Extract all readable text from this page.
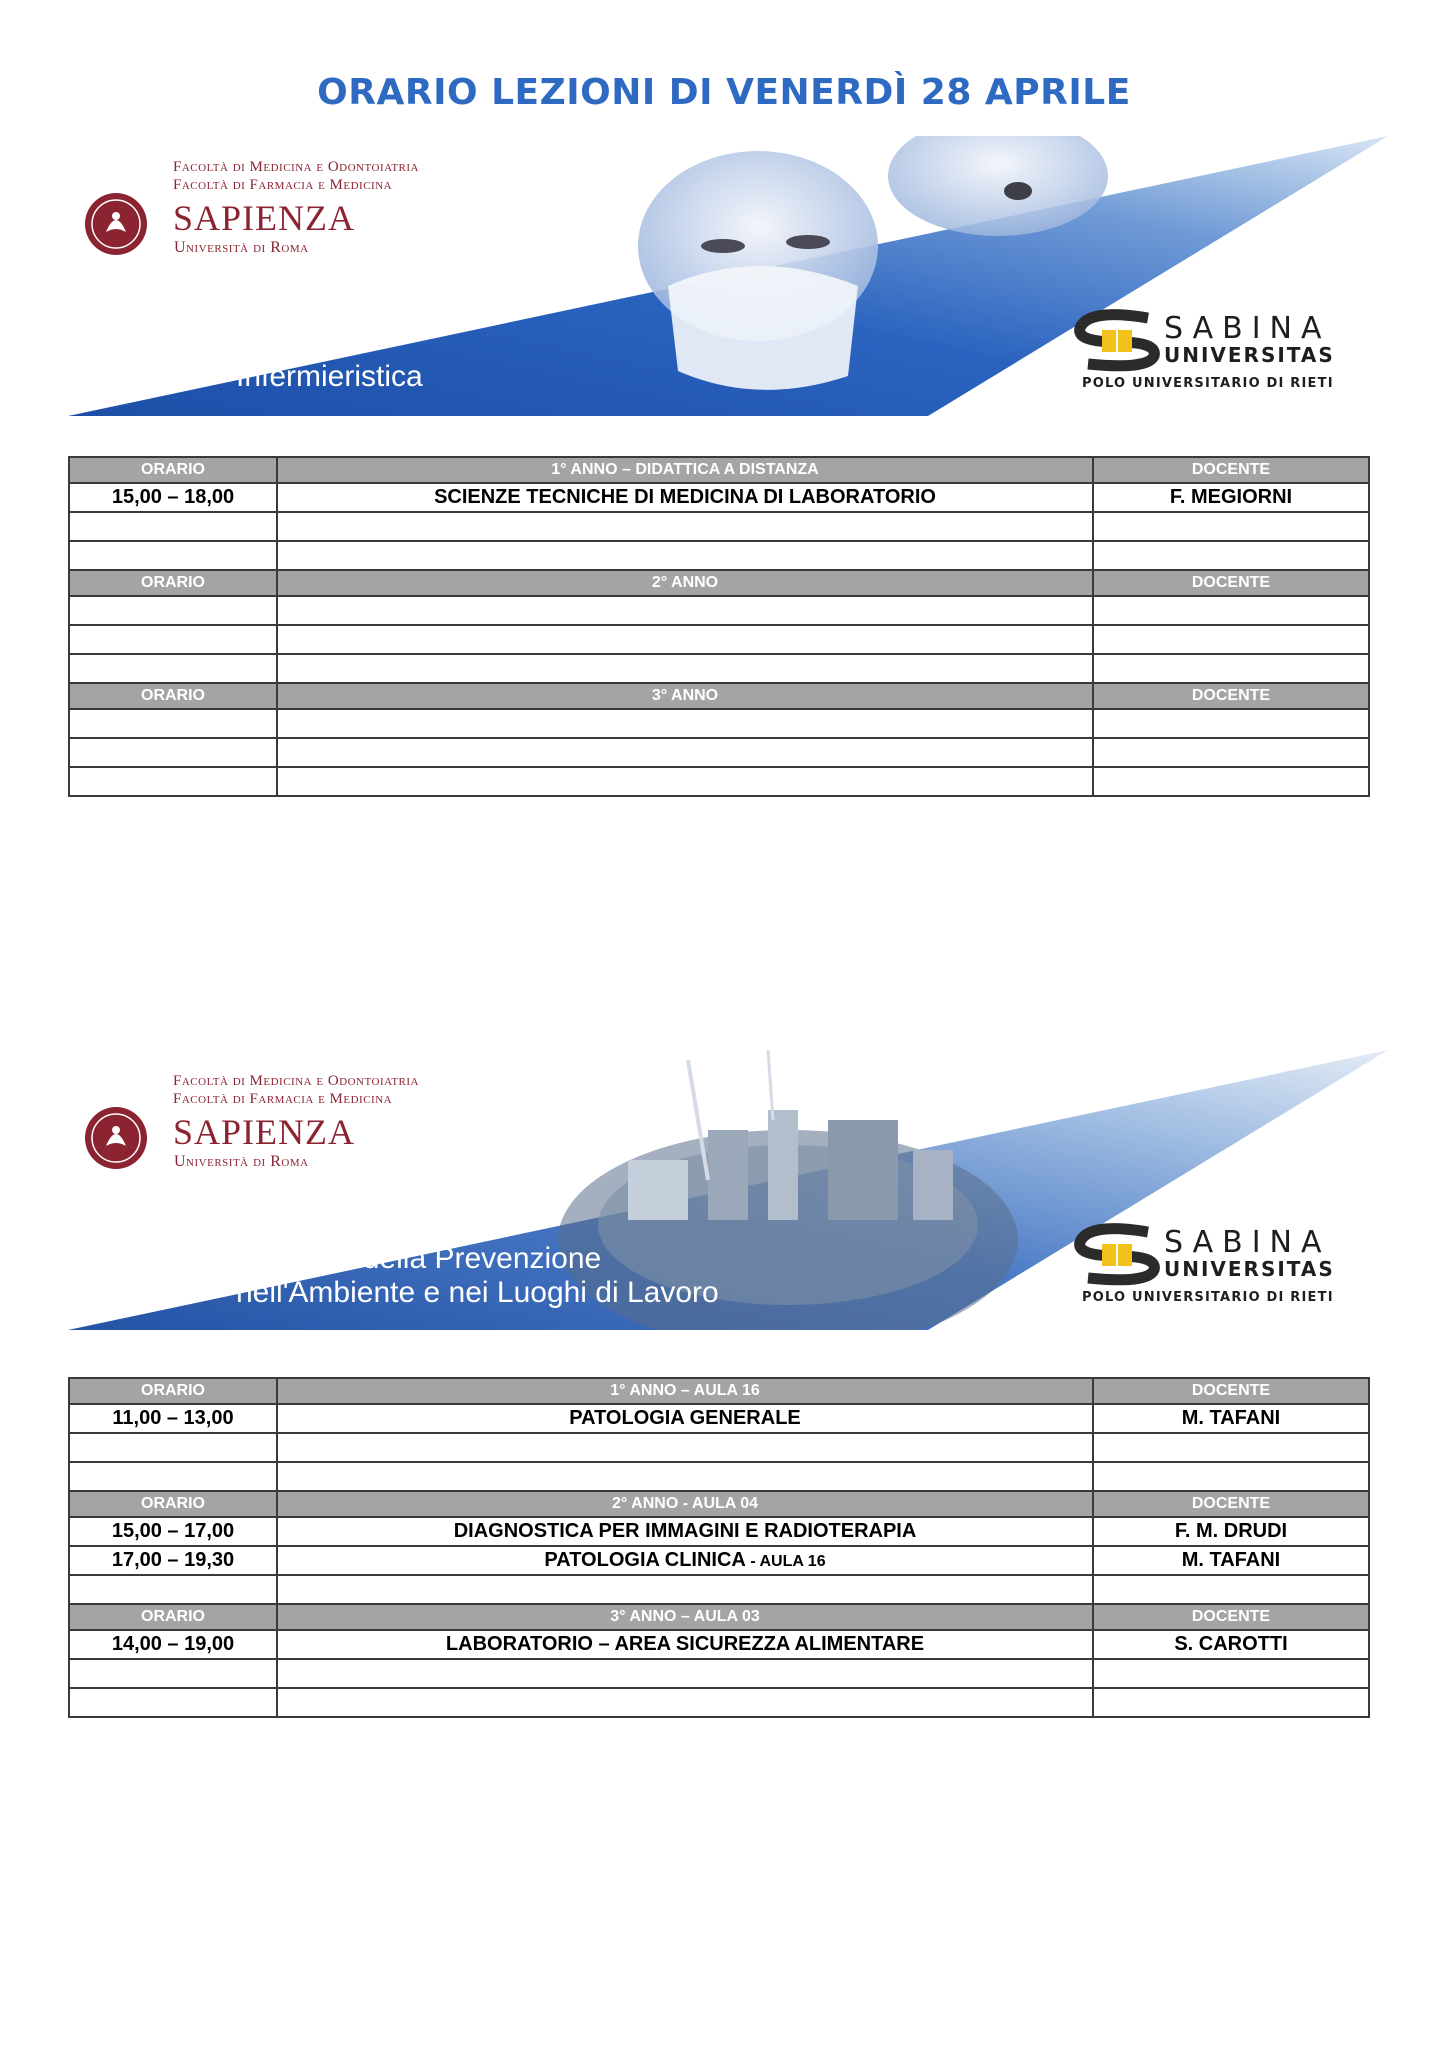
ORARIO LEZIONI DI VENERDÌ 28 APRILE
Facoltà di Medicina e Odontoiatria
Facoltà di Farmacia e Medicina
SAPIENZA
Università di Roma
Infermieristica
SABINA
UNIVERSITAS
POLO UNIVERSITARIO DI RIETI
ORARIO	1° ANNO – DIDATTICA A DISTANZA	DOCENTE
15,00 – 18,00	SCIENZE TECNICHE DI MEDICINA DI LABORATORIO	F. MEGIORNI

ORARIO	2° ANNO	DOCENTE

ORARIO	3° ANNO	DOCENTE

Facoltà di Medicina e Odontoiatria
Facoltà di Farmacia e Medicina
SAPIENZA
Università di Roma
Tecniche della Prevenzione
nell'Ambiente e nei Luoghi di Lavoro
SABINA
UNIVERSITAS
POLO UNIVERSITARIO DI RIETI
ORARIO	1° ANNO – AULA 16	DOCENTE
11,00 – 13,00	PATOLOGIA GENERALE	M. TAFANI

ORARIO	2° ANNO - AULA 04	DOCENTE
15,00 – 17,00	DIAGNOSTICA PER IMMAGINI E RADIOTERAPIA	F. M. DRUDI
17,00 – 19,30	PATOLOGIA CLINICA - AULA 16	M. TAFANI

ORARIO	3° ANNO – AULA 03	DOCENTE
14,00 – 19,00	LABORATORIO – AREA SICUREZZA ALIMENTARE	S. CAROTTI
